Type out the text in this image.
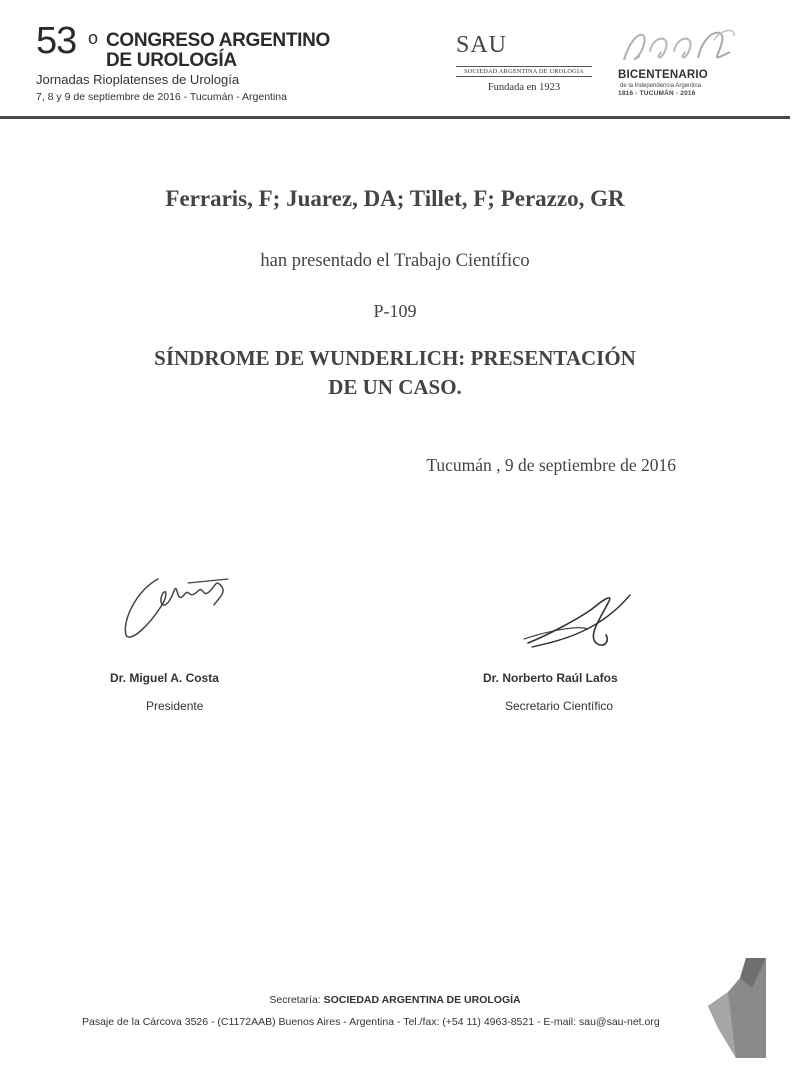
53 o CONGRESO ARGENTINO
DE UROLOGÍA
Jornadas Rioplatenses de Urología
7, 8 y 9 de septiembre de 2016 - Tucumán - Argentina
SAU
SOCIEDAD ARGENTINA DE UROLOGIA
Fundada en 1923
BICENTENARIO
de la Independencia Argentina
1816 - TUCUMÁN - 2016
Ferraris, F; Juarez, DA; Tillet, F; Perazzo, GR
han presentado el Trabajo Científico
P-109
SÍNDROME DE WUNDERLICH: PRESENTACIÓN
DE UN CASO.
Tucumán , 9 de septiembre de 2016
Dr. Miguel A. Costa
Presidente
Dr. Norberto Raúl Lafos
Secretario Científico
Secretaría: SOCIEDAD ARGENTINA DE UROLOGÍA
Pasaje de la Cárcova 3526 - (C1172AAB) Buenos Aires - Argentina - Tel./fax: (+54 11) 4963-8521 - E-mail: sau@sau-net.org
